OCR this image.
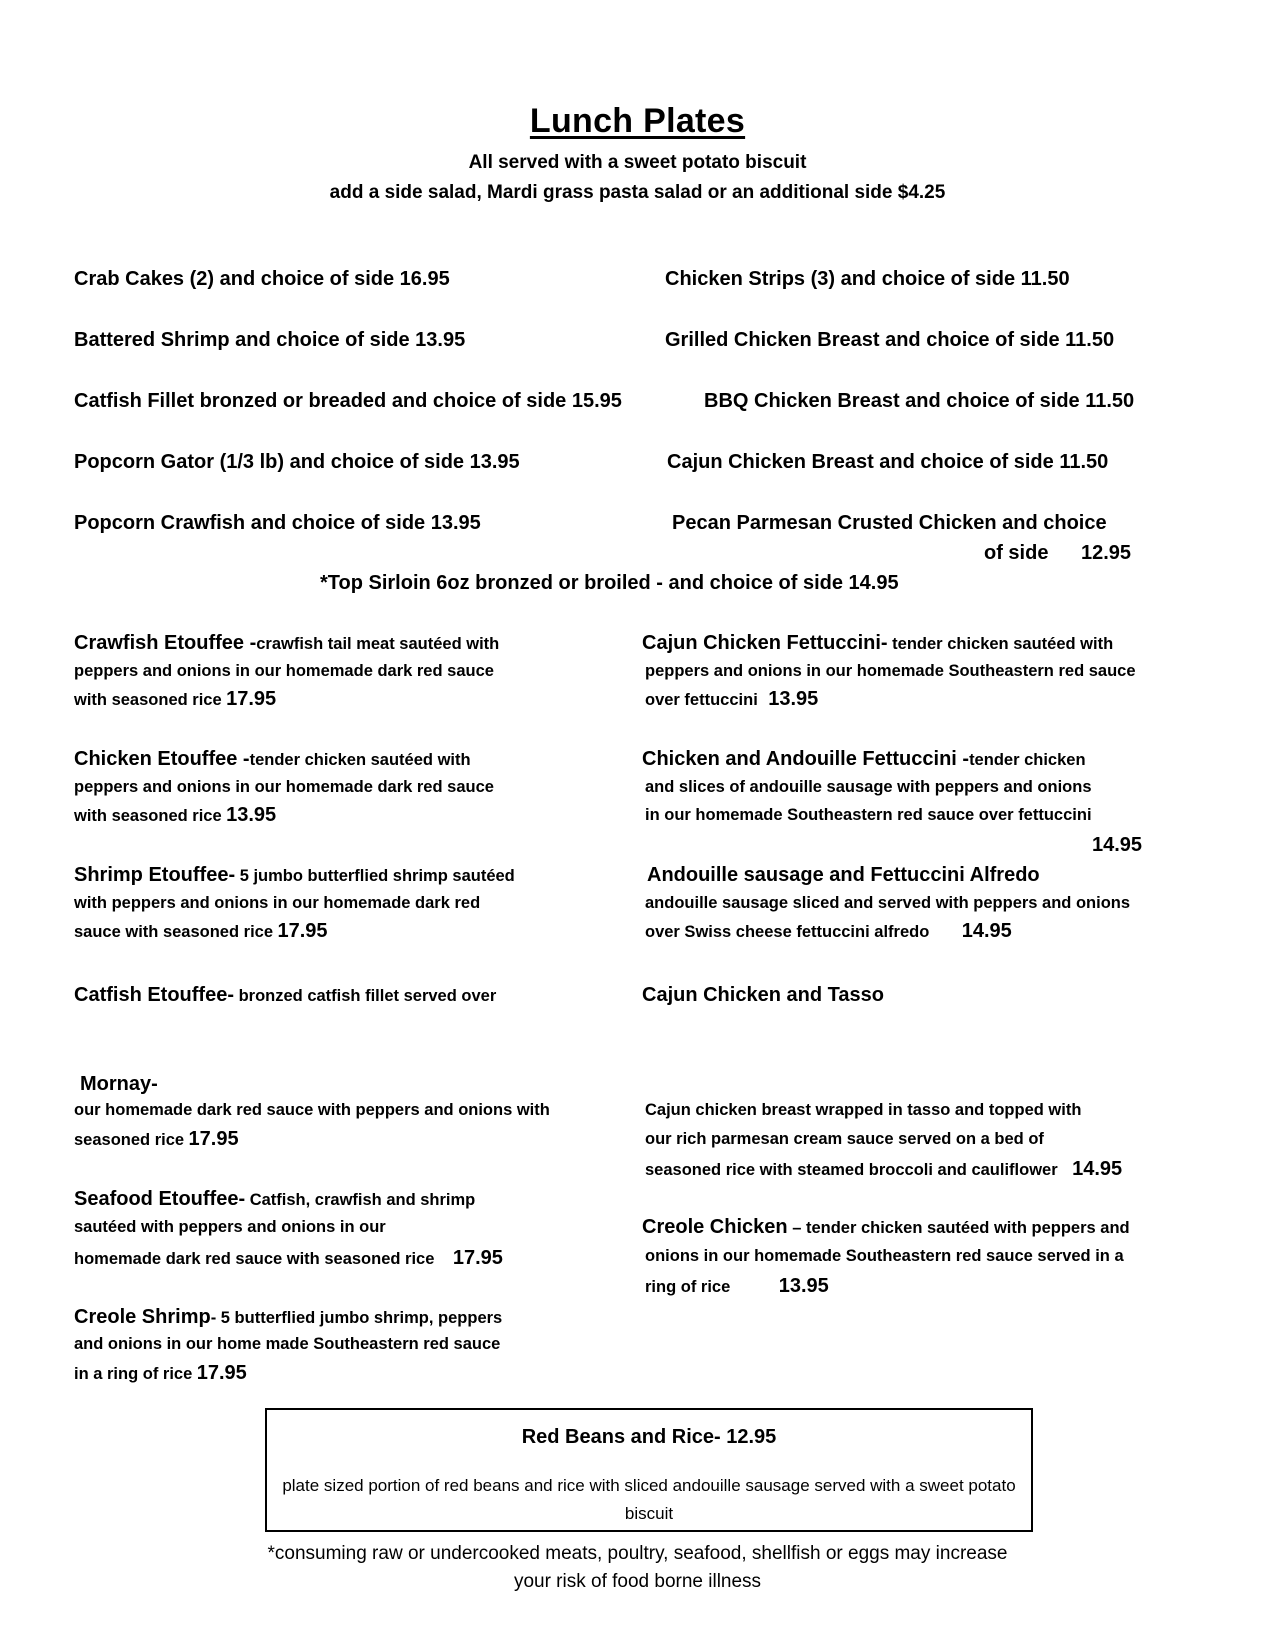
Lunch Plates
All served with a sweet potato biscuit
add a side salad, Mardi grass pasta salad or an additional side $4.25
Crab Cakes (2) and choice of side 16.95
Battered Shrimp and choice of side 13.95
Catfish Fillet bronzed or breaded and choice of side 15.95
Popcorn Gator (1/3 lb) and choice of side 13.95
Popcorn Crawfish and choice of side 13.95
Chicken Strips (3) and choice of side 11.50
Grilled Chicken Breast and choice of side 11.50
BBQ Chicken Breast and choice of side 11.50
Cajun Chicken Breast and choice of side 11.50
Pecan Parmesan Crusted Chicken and choice
of side 12.95
*Top Sirloin 6oz bronzed or broiled - and choice of side 14.95
Crawfish Etouffee -crawfish tail meat sautéed with
peppers and onions in our homemade dark red sauce
with seasoned rice 17.95
Chicken Etouffee -tender chicken sautéed with
peppers and onions in our homemade dark red sauce
with seasoned rice 13.95
Shrimp Etouffee- 5 jumbo butterflied shrimp sautéed
with peppers and onions in our homemade dark red
sauce with seasoned rice 17.95
Catfish Etouffee- bronzed catfish fillet served over
Mornay-
our homemade dark red sauce with peppers and onions with
seasoned rice 17.95
Seafood Etouffee- Catfish, crawfish and shrimp
sautéed with peppers and onions in our
homemade dark red sauce with seasoned rice 17.95
Creole Shrimp- 5 butterflied jumbo shrimp, peppers
and onions in our home made Southeastern red sauce
in a ring of rice 17.95
Cajun Chicken Fettuccini- tender chicken sautéed with
peppers and onions in our homemade Southeastern red sauce
over fettuccini 13.95
Chicken and Andouille Fettuccini -tender chicken
and slices of andouille sausage with peppers and onions
in our homemade Southeastern red sauce over fettuccini
14.95
Andouille sausage and Fettuccini Alfredo
andouille sausage sliced and served with peppers and onions
over Swiss cheese fettuccini alfredo 14.95
Cajun Chicken and Tasso
Cajun chicken breast wrapped in tasso and topped with
our rich parmesan cream sauce served on a bed of
seasoned rice with steamed broccoli and cauliflower 14.95
Creole Chicken – tender chicken sautéed with peppers and
onions in our homemade Southeastern red sauce served in a
ring of rice 13.95
Red Beans and Rice- 12.95
plate sized portion of red beans and rice with sliced andouille sausage served with a sweet potato biscuit
*consuming raw or undercooked meats, poultry, seafood, shellfish or eggs may increase your risk of food borne illness
